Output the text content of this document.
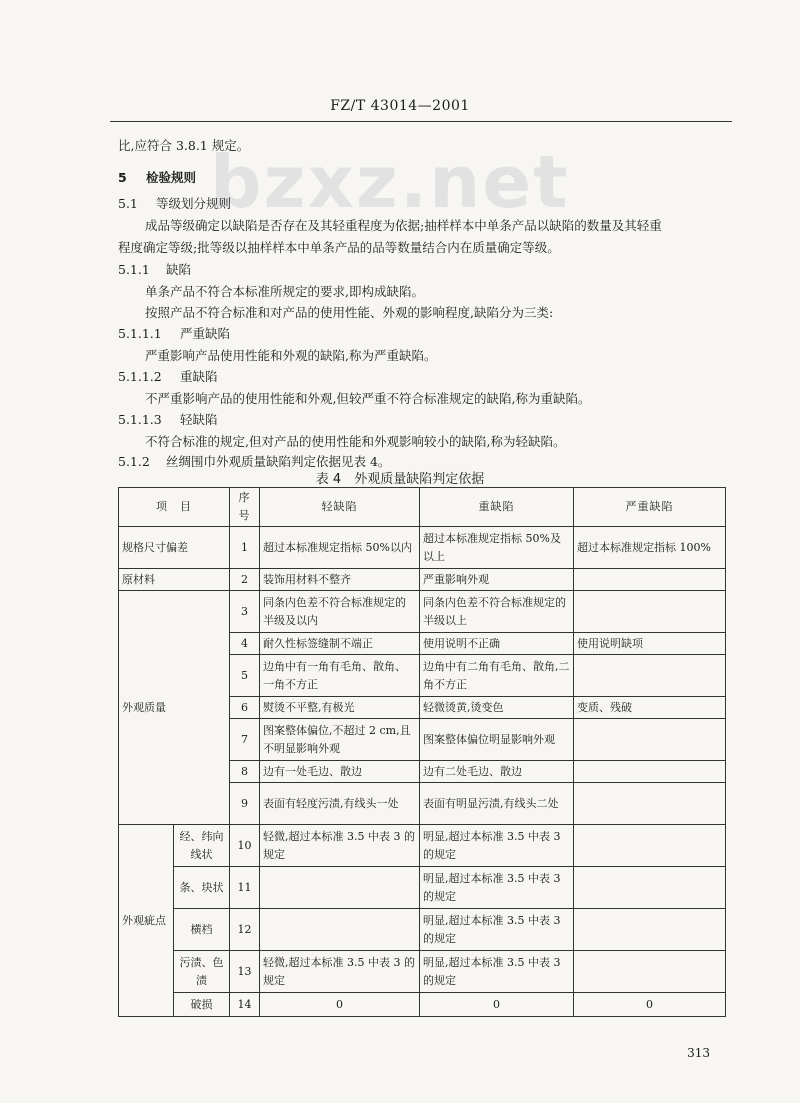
FZ/T 43014—2001
bzxz.net
比,应符合 3.8.1 规定。
5 检验规则
5.1 等级划分规则
成品等级确定以缺陷是否存在及其轻重程度为依据;抽样样本中单条产品以缺陷的数量及其轻重
程度确定等级;批等级以抽样样本中单条产品的品等数量结合内在质量确定等级。
5.1.1 缺陷
单条产品不符合本标准所规定的要求,即构成缺陷。
按照产品不符合标准和对产品的使用性能、外观的影响程度,缺陷分为三类:
5.1.1.1 严重缺陷
严重影响产品使用性能和外观的缺陷,称为严重缺陷。
5.1.1.2 重缺陷
不严重影响产品的使用性能和外观,但较严重不符合标准规定的缺陷,称为重缺陷。
5.1.1.3 轻缺陷
不符合标准的规定,但对产品的使用性能和外观影响较小的缺陷,称为轻缺陷。
5.1.2 丝绸围巾外观质量缺陷判定依据见表 4。
表 4　外观质量缺陷判定依据
项　目		序号	轻缺陷	重缺陷	严重缺陷
规格尺寸偏差		1	超过本标准规定指标 50%以内	超过本标准规定指标 50%及以上	超过本标准规定指标 100%
原材料		2	装饰用材料不整齐	严重影响外观	
外观质量		3	同条内色差不符合标准规定的半级及以内	同条内色差不符合标准规定的半级以上	
		4	耐久性标签缝制不端正	使用说明不正确	使用说明缺项
		5	边角中有一角有毛角、散角、一角不方正	边角中有二角有毛角、散角,二角不方正	
		6	熨烫不平整,有极光	轻微烫黄,烫变色	变质、残破
		7	图案整体偏位,不超过 2 cm,且不明显影响外观	图案整体偏位明显影响外观	
		8	边有一处毛边、散边	边有二处毛边、散边	
		9	表面有轻度污渍,有线头一处	表面有明显污渍,有线头二处	
外观疵点	经、纬向线状	10	轻微,超过本标准 3.5 中表 3 的规定	明显,超过本标准 3.5 中表 3 的规定	
	条、块状	11		明显,超过本标准 3.5 中表 3 的规定	
	横档	12		明显,超过本标准 3.5 中表 3 的规定	
	污渍、色渍	13	轻微,超过本标准 3.5 中表 3 的规定	明显,超过本标准 3.5 中表 3 的规定	
	破损	14	0	0	0
313
